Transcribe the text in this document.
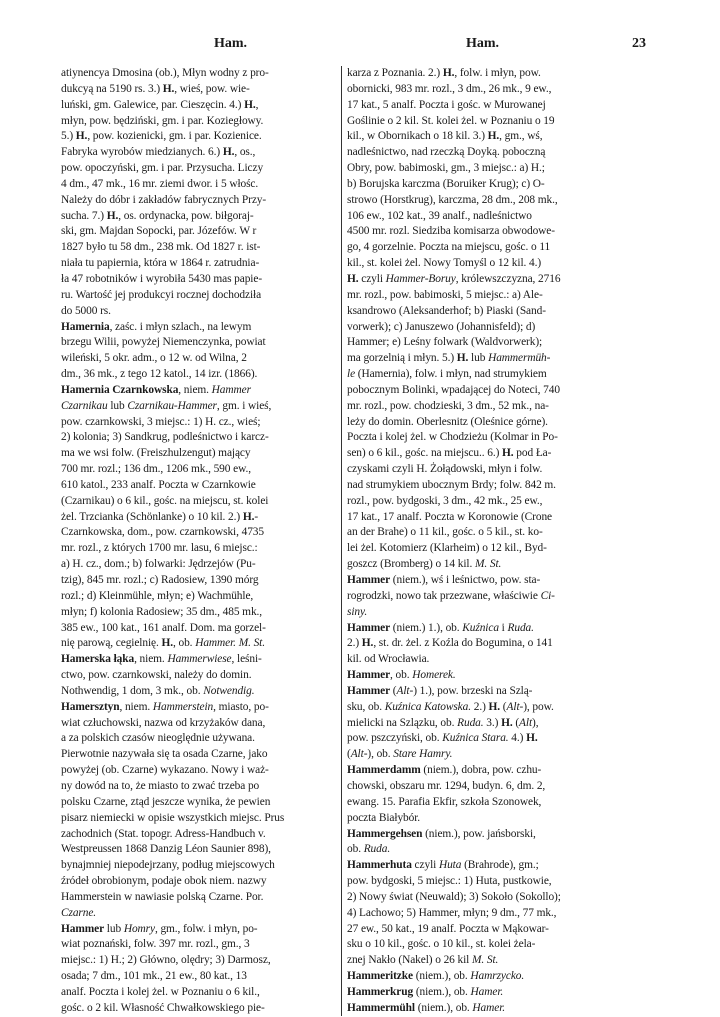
Ham.	Ham.	23
atiynencya Dmosina (ob.), Młyn wodny z pro-
dukcyą na 5190 rs. 3.) H., wieś, pow. wie-
luński, gm. Galewice, par. Cieszęcin. 4.) H.,
młyn, pow. będziński, gm. i par. Koziegłowy.
5.) H., pow. kozienicki, gm. i par. Kozienice.
Fabryka wyrobów miedzianych. 6.) H., os.,
pow. opoczyński, gm. i par. Przysucha. Liczy
4 dm., 47 mk., 16 mr. ziemi dwor. i 5 włośc.
Należy do dóbr i zakładów fabrycznych Przy-
sucha. 7.) H., os. ordynacka, pow. biłgoraj-
ski, gm. Majdan Sopocki, par. Józefów. W r
1827 było tu 58 dm., 238 mk. Od 1827 r. ist-
niała tu papiernia, która w 1864 r. zatrudnia-
ła 47 robotników i wyrobiła 5430 mas papie-
ru. Wartość jej produkcyi rocznej dochodziła
do 5000 rs.
Hamernia, zaśc. i młyn szlach., na lewym
brzegu Wilii, powyżej Niemenczynka, powiat
wileński, 5 okr. adm., o 12 w. od Wilna, 2
dm., 36 mk., z tego 12 katol., 14 izr. (1866).
Hamernia Czarnkowska, niem. Hammer
Czarnikau lub Czarnikau-Hammer, gm. i wieś,
pow. czarnkowski, 3 miejsc.: 1) H. cz., wieś;
2) kolonia; 3) Sandkrug, podleśnictwo i karcz-
ma we wsi folw. (Freiszhulzengut) mający
700 mr. rozl.; 136 dm., 1206 mk., 590 ew.,
610 katol., 233 analf. Poczta w Czarnkowie
(Czarnikau) o 6 kil., gośc. na miejscu, st. kolei
żel. Trzcianka (Schönlanke) o 10 kil. 2.) H.-
Czarnkowska, dom., pow. czarnkowski, 4735
mr. rozl., z których 1700 mr. lasu, 6 miejsc.:
a) H. cz., dom.; b) folwarki: Jędrzejów (Pu-
tzig), 845 mr. rozl.; c) Radosiew, 1390 mórg
rozl.; d) Kleinmühle, młyn; e) Wachmühle,
młyn; f) kolonia Radosiew; 35 dm., 485 mk.,
385 ew., 100 kat., 161 analf. Dom. ma gorzel-
nię parową, cegielnię. H., ob. Hammer. M. St.
Hamerska łąka, niem. Hammerwiese, leśni-
ctwo, pow. czarnkowski, należy do domin.
Nothwendig, 1 dom, 3 mk., ob. Notwendig.
Hamersztyn, niem. Hammerstein, miasto, po-
wiat człuchowski, nazwa od krzyżaków dana,
a za polskich czasów nieoględnie używana.
Pierwotnie nazywała się ta osada Czarne, jako
powyżej (ob. Czarne) wykazano. Nowy i waż-
ny dowód na to, że miasto to zwać trzeba po
polsku Czarne, ztąd jeszcze wynika, że pewien
pisarz niemiecki w opisie wszystkich miejsc. Prus
zachodnich (Stat. topogr. Adress-Handbuch v.
Westpreussen 1868 Danzig Léon Saunier 898),
bynajmniej niepodejrzany, podług miejscowych
źródeł obrobionym, podaje obok niem. nazwy
Hammerstein w nawiasie polską Czarne. Por.
Czarne.
Hammer lub Homry, gm., folw. i młyn, po-
wiat poznański, folw. 397 mr. rozl., gm., 3
miejsc.: 1) H.; 2) Główno, olędry; 3) Darmosz,
osada; 7 dm., 101 mk., 21 ew., 80 kat., 13
analf. Poczta i kolej żel. w Poznaniu o 6 kil.,
gośc. o 2 kil. Własność Chwałkowskiego pie-
karza z Poznania. 2.) H., folw. i młyn, pow.
obornicki, 983 mr. rozl., 3 dm., 26 mk., 9 ew.,
17 kat., 5 analf. Poczta i gośc. w Murowanej
Goślinie o 2 kil. St. kolei żel. w Poznaniu o 19
kil., w Obornikach o 18 kil. 3.) H., gm., wś,
nadleśnictwo, nad rzeczką Doyką. poboczną
Obry, pow. babimoski, gm., 3 miejsc.: a) H.;
b) Borujska karczma (Boruiker Krug); c) O-
strowo (Horstkrug), karczma, 28 dm., 208 mk.,
106 ew., 102 kat., 39 analf., nadleśnictwo
4500 mr. rozl. Siedziba komisarza obwodowe-
go, 4 gorzelnie. Poczta na miejscu, gośc. o 11
kil., st. kolei żel. Nowy Tomyśl o 12 kil. 4.)
H. czyli Hammer-Boruy, królewszczyzna, 2716
mr. rozl., pow. babimoski, 5 miejsc.: a) Ale-
ksandrowo (Aleksanderhof; b) Piaski (Sand-
vorwerk); c) Januszewo (Johannisfeld); d)
Hammer; e) Leśny folwark (Waldvorwerk);
ma gorzelnią i młyn. 5.) H. lub Hammermüh-
le (Hamernia), folw. i młyn, nad strumykiem
pobocznym Bolinki, wpadającej do Noteci, 740
mr. rozl., pow. chodzieski, 3 dm., 52 mk., na-
leży do domin. Oberlesnitz (Oleśnice górne).
Poczta i kolej żel. w Chodzieżu (Kolmar in Po-
sen) o 6 kil., gośc. na miejscu.. 6.) H. pod Ła-
czyskami czyli H. Żołądowski, młyn i folw.
nad strumykiem ubocznym Brdy; folw. 842 m.
rozl., pow. bydgoski, 3 dm., 42 mk., 25 ew.,
17 kat., 17 analf. Poczta w Koronowie (Crone
an der Brahe) o 11 kil., gośc. o 5 kil., st. ko-
lei żel. Kotomierz (Klarheim) o 12 kil., Byd-
goszcz (Bromberg) o 14 kil. M. St.
Hammer (niem.), wś i leśnictwo, pow. sta-
rogrodzki, nowo tak przezwane, właściwie Ci-
siny.
Hammer (niem.) 1.), ob. Kuźnica i Ruda.
2.) H., st. dr. żel. z Koźla do Bogumina, o 141
kil. od Wrocławia.
Hammer, ob. Homerek.
Hammer (Alt-) 1.), pow. brzeski na Szlą-
sku, ob. Kuźnica Katowska. 2.) H. (Alt-), pow.
mielicki na Szlązku, ob. Ruda. 3.) H. (Alt),
pow. pszczyński, ob. Kuźnica Stara. 4.) H.
(Alt-), ob. Stare Hamry.
Hammerdamm (niem.), dobra, pow. czhu-
chowski, obszaru mr. 1294, budyn. 6, dm. 2,
ewang. 15. Parafia Ekfir, szkoła Szonowek,
poczta Białybór.
Hammergehsen (niem.), pow. jańsborski,
ob. Ruda.
Hammerhuta czyli Huta (Brahrode), gm.;
pow. bydgoski, 5 miejsc.: 1) Huta, pustkowie,
2) Nowy świat (Neuwald); 3) Sokoło (Sokollo);
4) Lachowo; 5) Hammer, młyn; 9 dm., 77 mk.,
27 ew., 50 kat., 19 analf. Poczta w Mąkowar-
sku o 10 kil., gośc. o 10 kil., st. kolei żela-
znej Nakło (Nakel) o 26 kil M. St.
Hammeritzke (niem.), ob. Hamrzycko.
Hammerkrug (niem.), ob. Hamer.
Hammermühl (niem.), ob. Hamer.
